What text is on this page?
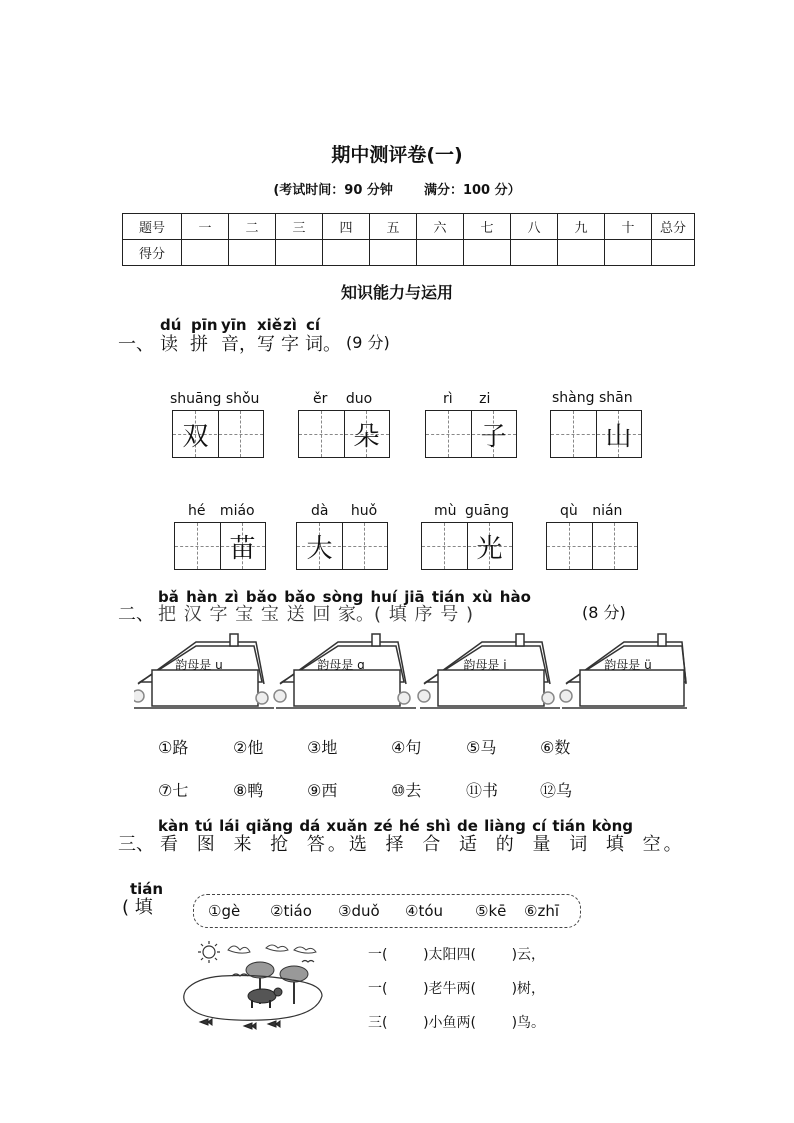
期中测评卷(一)
(考试时间：90 分钟 满分：100 分）
题号	一	二	三	四	五	六	七	八	九	十	总分
得分											
知识能力与运用
一、
dú pīn yīn xiě zì cí
读 拼 音 ，写 字 词。 (9 分)
shuāng shǒu
双
ěr duo
朵
rì zi
子
shàng shān
山
hé miáo
苗
dà huǒ
大
mù guāng
光
qù nián
bǎ hàn zì bǎo bǎo sòng huí jiā tián xù hào
二、 把 汉 字 宝 宝 送 回 家。( 填 序 号 )	(8 分)
韵母是 u	韵母是 ɑ	韵母是 i	韵母是 ü
①路	②他	③地	④句	⑤马	⑥数
⑦七	⑧鸭	⑨西	⑩去	⑪书	⑫乌
kàn tú lái qiǎng dá xuǎn zé hé shì de liàng cí tián kòng
三、 看 图 来 抢 答。选 择 合 适 的 量 词 填 空。
tián
( 填	①gè ②tiáo ③duǒ ④tóu ⑤kē ⑥zhī
一(        )太阳四(        )云，
一(        )老牛两(        )树，
三(        )小鱼两(        )鸟。
